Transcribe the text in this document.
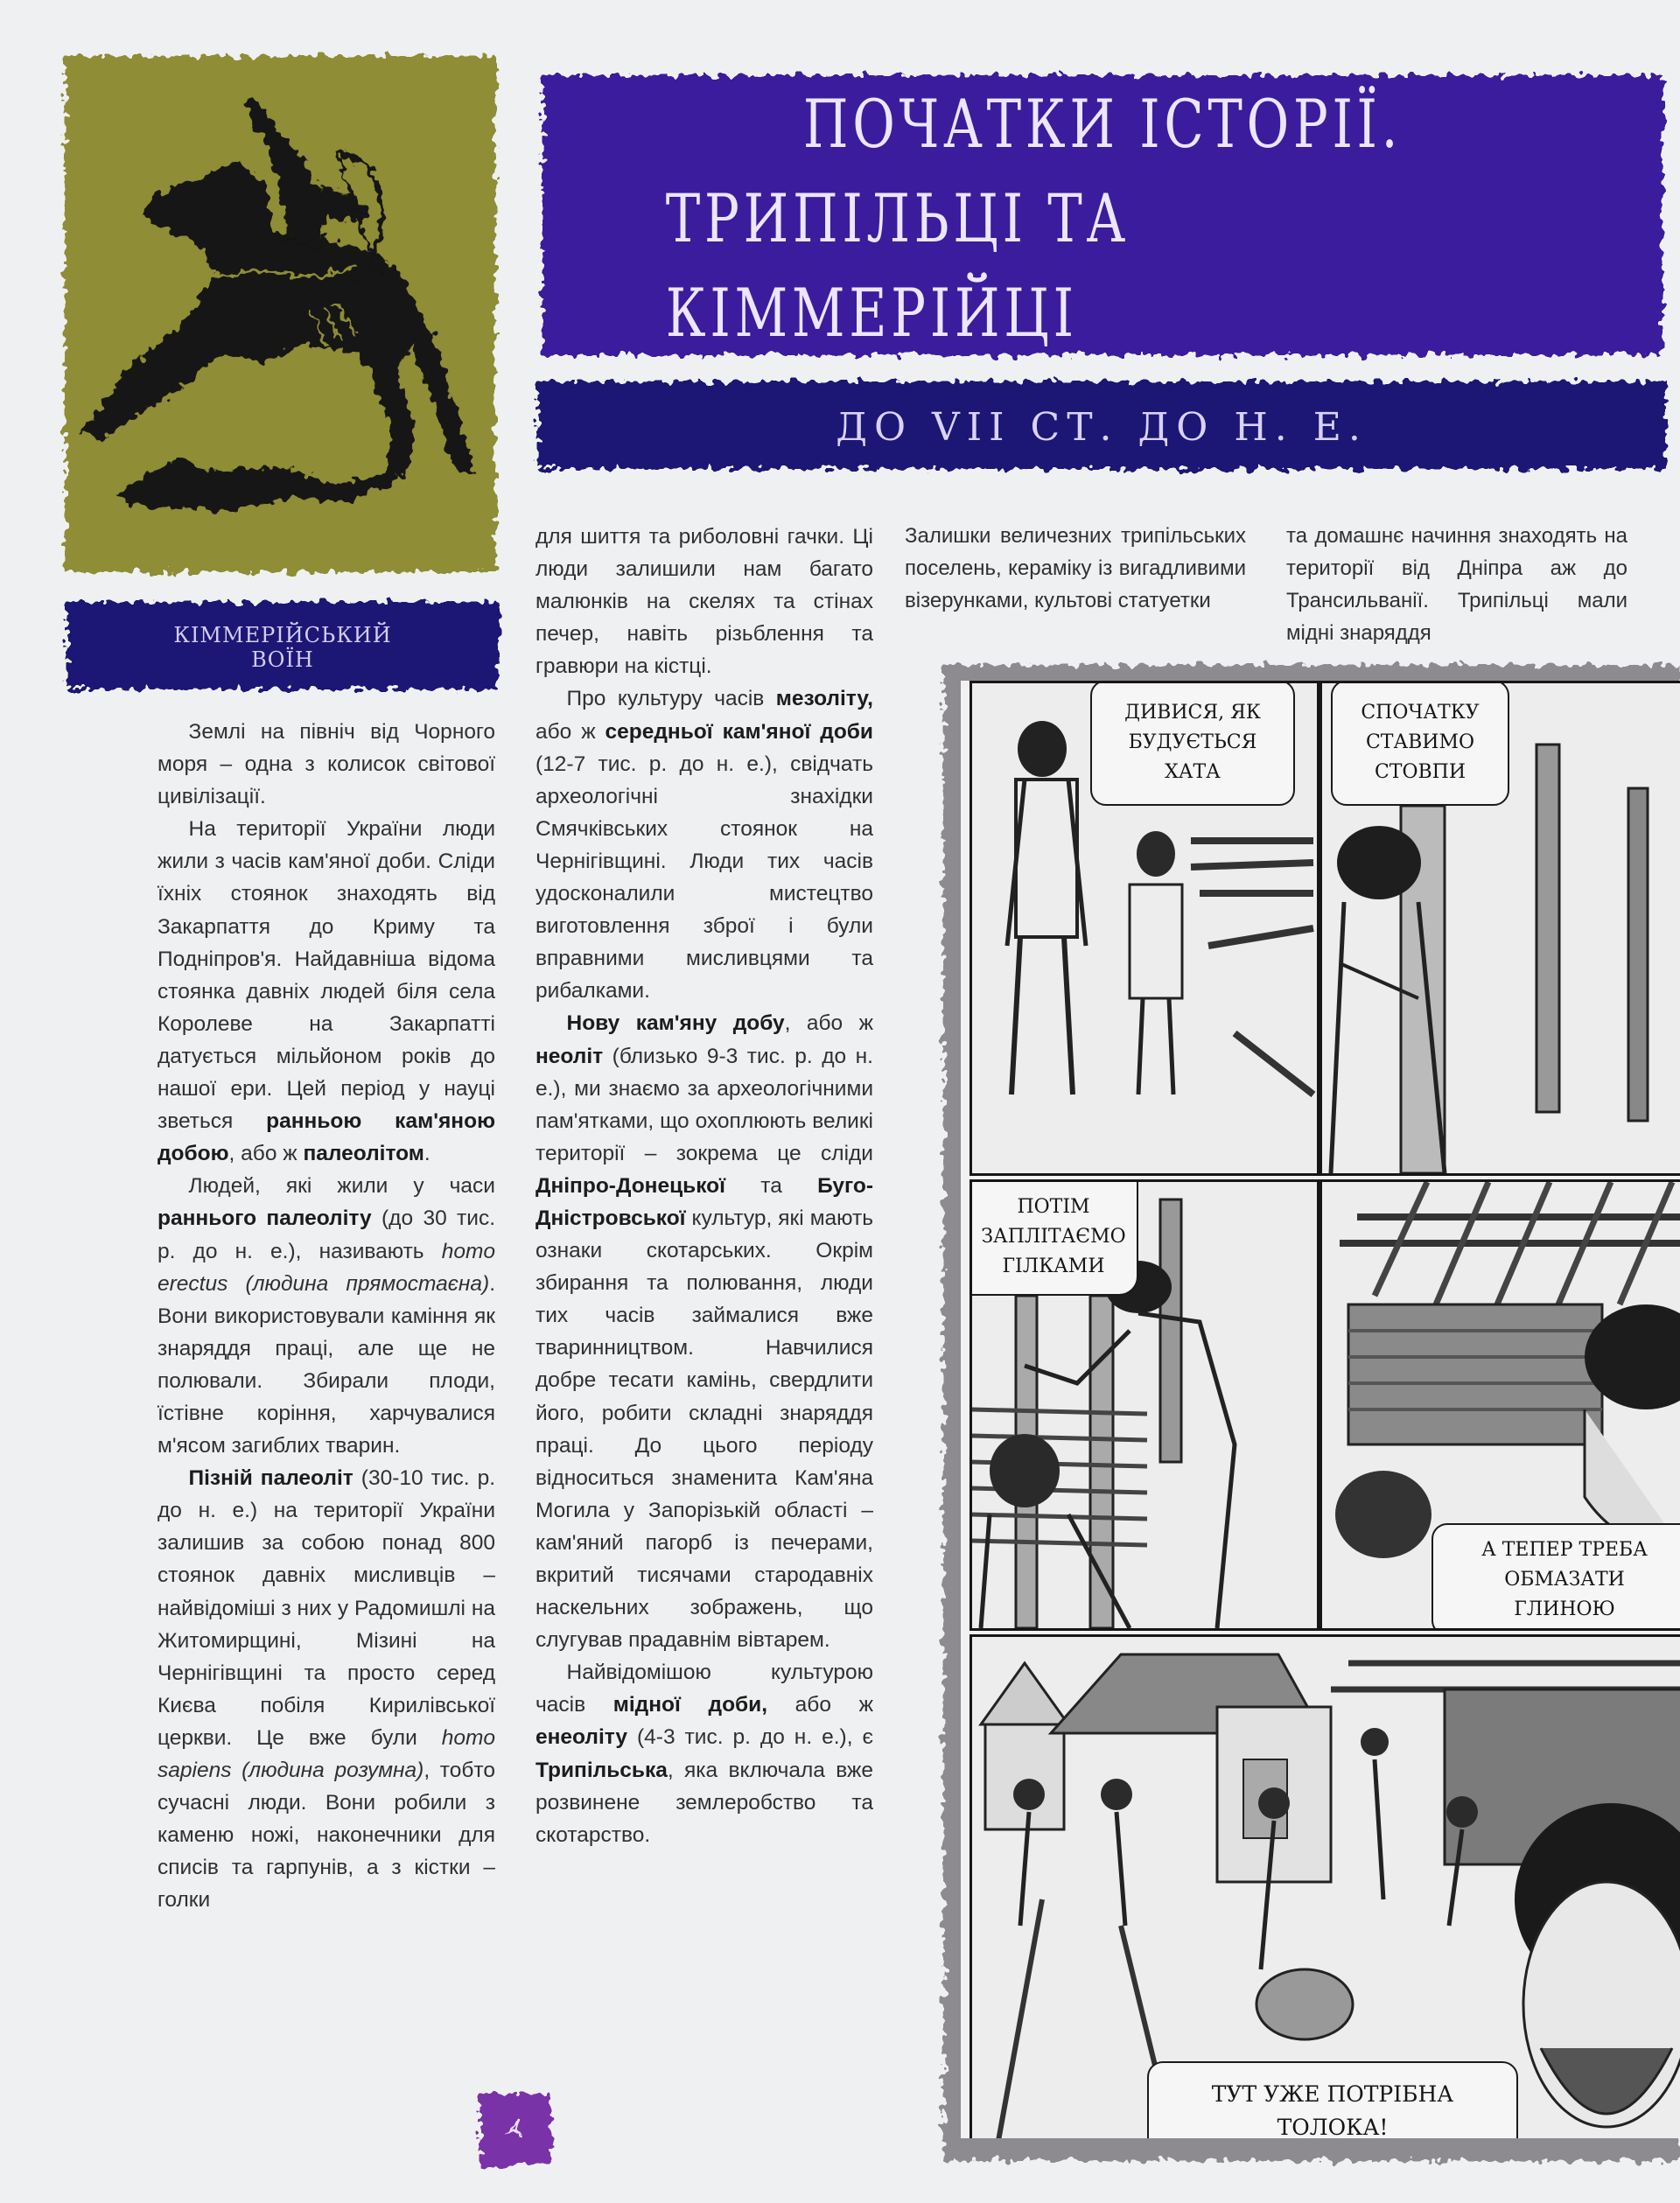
КІММЕРІЙСЬКИЙ
ВОЇН
ПОЧАТКИ ІСТОРІЇ.
ТРИПІЛЬЦІ ТА КІММЕРІЙЦІ
ДО VII СТ. ДО Н. Е.

Землі на північ від Чорного моря – одна з колисок світової цивілізації.

На території України люди жили з часів кам'яної доби. Сліди їхніх стоянок знаходять від Закарпаття до Криму та Подніпров'я. Найдавніша відома стоянка давніх людей біля села Королеве на Закарпатті датується мільйоном років до нашої ери. Цей період у науці зветься ранньою кам'яною добою, або ж палеолітом.

Людей, які жили у часи раннього палеоліту (до 30 тис. р. до н. е.), називають homo erectus (людина прямостаєна). Вони використовували каміння як знаряддя праці, але ще не полювали. Збирали плоди, їстівне коріння, харчувалися м'ясом загиблих тварин.

Пізній палеоліт (30-10 тис. р. до н. е.) на території України залишив за собою понад 800 стоянок давніх мисливців – найвідоміші з них у Радомишлі на Житомирщині, Мізині на Чернігівщині та просто серед Києва побіля Кирилівської церкви. Це вже були homo sapiens (людина розумна), тобто сучасні люди. Вони робили з каменю ножі, наконечники для списів та гарпунів, а з кістки – голки

для шиття та риболовні гачки. Ці люди залишили нам багато малюнків на скелях та стінах печер, навіть різьблення та гравюри на кістці.

Про культуру часів мезоліту, або ж середньої кам'яної доби (12-7 тис. р. до н. е.), свідчать археологічні знахідки Смячківських стоянок на Чернігівщині. Люди тих часів удосконалили мистецтво виготовлення зброї і були вправними мисливцями та рибалками.

Нову кам'яну добу, або ж неоліт (близько 9-3 тис. р. до н. е.), ми знаємо за археологічними пам'ятками, що охоплюють великі території – зокрема це сліди Дніпро-Донецької та Буго-Дністровської культур, які мають ознаки скотарських. Окрім збирання та полювання, люди тих часів займалися вже тваринництвом. Навчилися добре тесати камінь, свердлити його, робити складні знаряддя праці. До цього періоду відноситься знаменита Кам'яна Могила у Запорізькій області – кам'яний пагорб із печерами, вкритий тисячами стародавніх наскельних зображень, що слугував прадавнім вівтарем.

Найвідомішою культурою часів мідної доби, або ж енеоліту (4-3 тис. р. до н. е.), є Трипільська, яка включала вже розвинене землеробство та скотарство.

Залишки величезних трипільських поселень, кераміку із вигадливими візерунками, культові статуетки

та домашнє начиння знаходять на території від Дніпра аж до Трансильванії. Трипільці мали мідні знаряддя

ДИВИСЯ, ЯК
БУДУЄТЬСЯ
ХАТА
СПОЧАТКУ
СТАВИМО
СТОВПИ
ПОТІМ
ЗАПЛІТАЄМО
ГІЛКАМИ
А ТЕПЕР ТРЕБА
ОБМАЗАТИ
ГЛИНОЮ
ТУТ УЖЕ ПОТРІБНА
ТОЛОКА!
4
